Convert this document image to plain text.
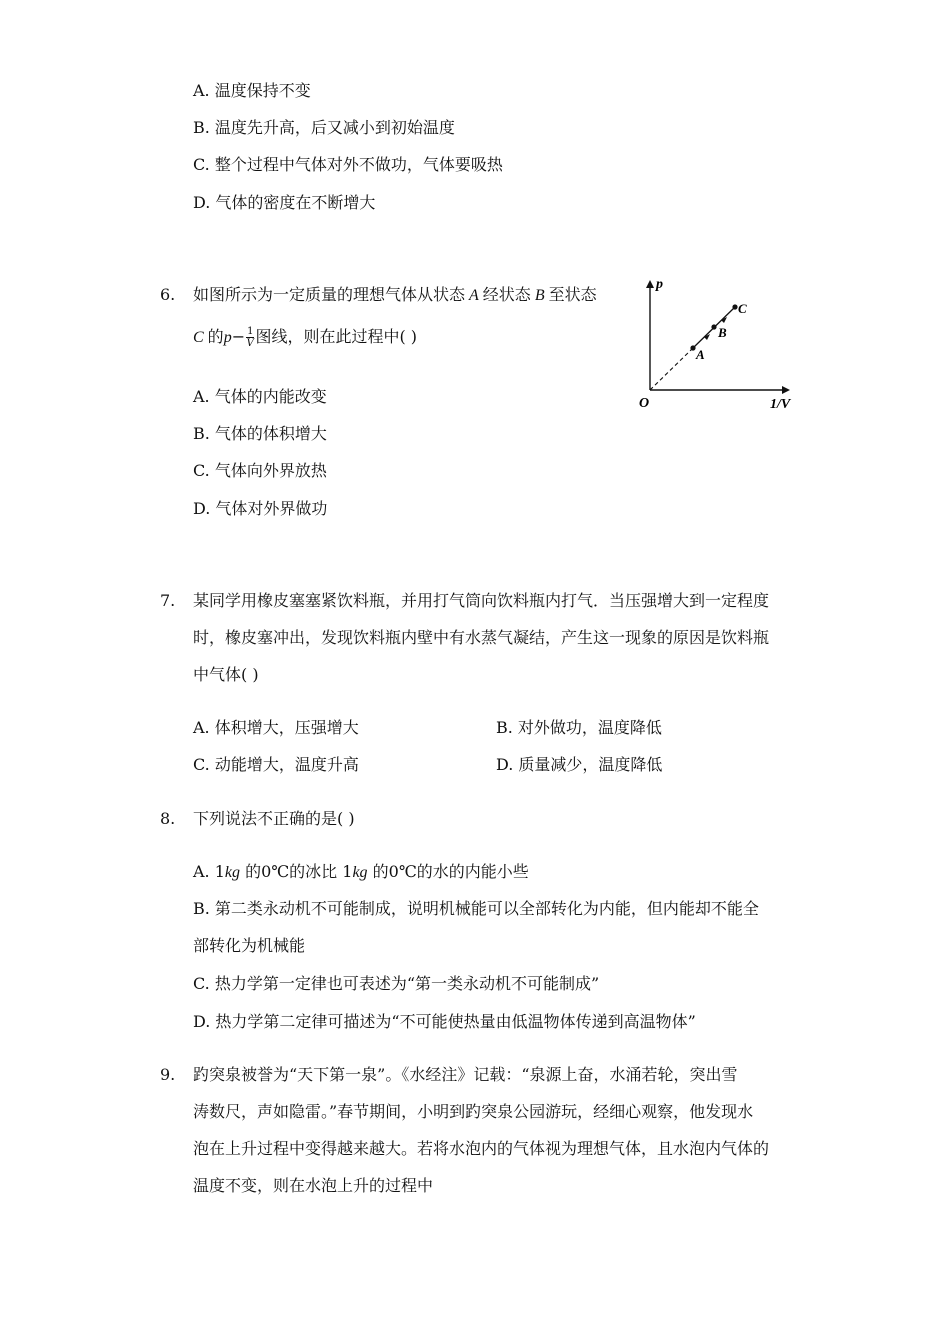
A. 温度保持不变
B. 温度先升高，后又减小到初始温度
C. 整个过程中气体对外不做功，气体要吸热
D. 气体的密度在不断增大
6. 如图所示为一定质量的理想气体从状态 A 经状态 B 至状态
C 的$p- \frac{1}{V}$ 图线，则在此过程中( )
A. 气体的内能改变
B. 气体的体积增大
C. 气体向外界放热
D. 气体对外界做功
p
1/V
O
A
B
C
7. 某同学用橡皮塞塞紧饮料瓶，并用打气筒向饮料瓶内打气．当压强增大到一定程度
时，橡皮塞冲出，发现饮料瓶内壁中有水蒸气凝结，产生这一现象的原因是饮料瓶
中气体( )
A. 体积增大，压强增大	B. 对外做功，温度降低
C. 动能增大，温度升高	D. 质量减少，温度降低
8. 下列说法不正确的是( )
A. 1kg 的0℃的冰比 1kg 的0℃的水的内能小些
B. 第二类永动机不可能制成，说明机械能可以全部转化为内能，但内能却不能全
部转化为机械能
C. 热力学第一定律也可表述为“第一类永动机不可能制成”
D. 热力学第二定律可描述为“不可能使热量由低温物体传递到高温物体”
9. 趵突泉被誉为“天下第一泉”。《水经注》记载：“泉源上奋，水涌若轮，突出雪
涛数尺，声如隐雷。”春节期间，小明到趵突泉公园游玩，经细心观察，他发现水
泡在上升过程中变得越来越大。若将水泡内的气体视为理想气体，且水泡内气体的
温度不变，则在水泡上升的过程中
